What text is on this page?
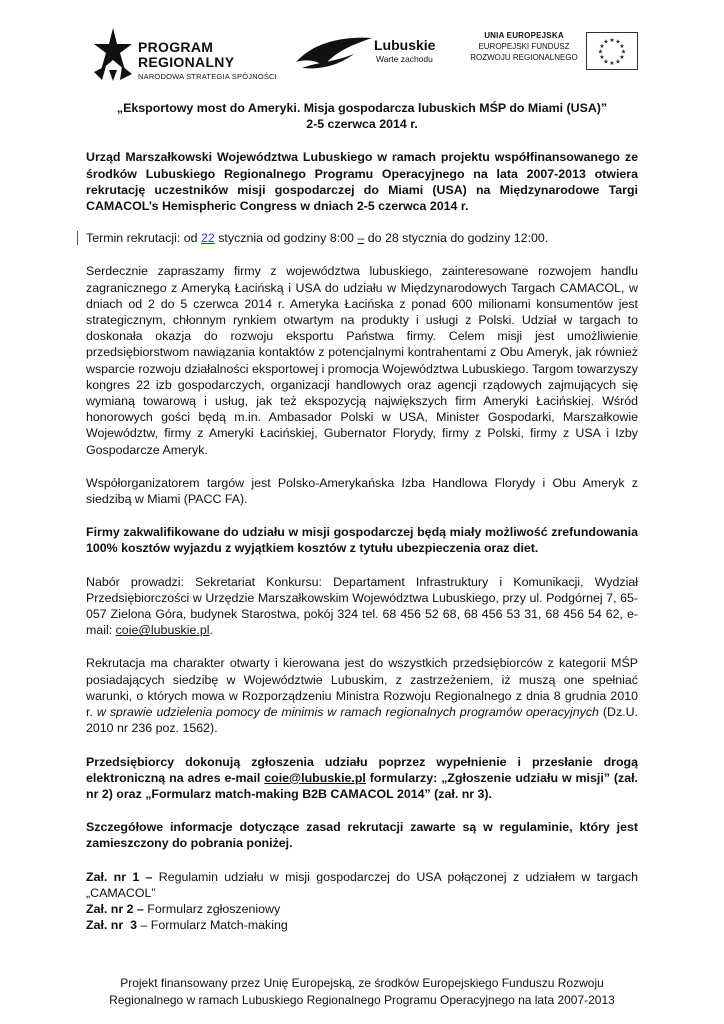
PROGRAM
REGIONALNY
NARODOWA STRATEGIA SPÓJNOŚCI
Lubuskie
Warte zachodu
UNIA EUROPEJSKA
EUROPEJSKI FUNDUSZ
ROZWOJU REGIONALNEGO
★ ★
★
★
★
★
★
★
★
★
★
★

„Eksportowy most do Ameryki. Misja gospodarcza lubuskich MŚP do Miami (USA)”

2-5 czerwca 2014 r.

Urząd Marszałkowski Województwa Lubuskiego w ramach projektu współfinansowanego ze środków Lubuskiego Regionalnego Programu Operacyjnego na lata 2007-2013 otwiera rekrutację uczestników misji gospodarczej do Miami (USA) na Międzynarodowe Targi CAMACOL’s Hemispheric Congress w dniach 2-5 czerwca 2014 r.

Termin rekrutacji: od 22 stycznia od godziny 8:00 – do 28 stycznia do godziny 12:00.

Serdecznie zapraszamy firmy z województwa lubuskiego, zainteresowane rozwojem handlu zagranicznego z Ameryką Łacińską i USA do udziału w Międzynarodowych Targach CAMACOL, w dniach od 2 do 5 czerwca 2014 r. Ameryka Łacińska z ponad 600 milionami konsumentów jest strategicznym, chłonnym rynkiem otwartym na produkty i usługi z Polski. Udział w targach to doskonała okazja do rozwoju eksportu Państwa firmy. Celem misji jest umożliwienie przedsiębiorstwom nawiązania kontaktów z potencjalnymi kontrahentami z Obu Ameryk, jak również wsparcie rozwoju działalności eksportowej i promocja Województwa Lubuskiego. Targom towarzyszy kongres 22 izb gospodarczych, organizacji handlowych oraz agencji rządowych zajmujących się wymianą towarową i usług, jak też ekspozycją największych firm Ameryki Łacińskiej. Wśród honorowych gości będą m.in. Ambasador Polski w USA, Minister Gospodarki, Marszałkowie Województw, firmy z Ameryki Łacińskiej, Gubernator Florydy, firmy z Polski, firmy z USA i Izby Gospodarcze Ameryk.

Współorganizatorem targów jest Polsko-Amerykańska Izba Handlowa Florydy i Obu Ameryk z siedzibą w Miami (PACC FA).

Firmy zakwalifikowane do udziału w misji gospodarczej będą miały możliwość zrefundowania 100% kosztów wyjazdu z wyjątkiem kosztów z tytułu ubezpieczenia oraz diet.

Nabór prowadzi: Sekretariat Konkursu: Departament Infrastruktury i Komunikacji, Wydział Przedsiębiorczości w Urzędzie Marszałkowskim Województwa Lubuskiego, przy ul. Podgórnej 7, 65-057 Zielona Góra, budynek Starostwa, pokój 324 tel. 68 456 52 68, 68 456 53 31, 68 456 54 62, e-mail: coie@lubuskie.pl.

Rekrutacja ma charakter otwarty i kierowana jest do wszystkich przedsiębiorców z kategorii MŚP posiadających siedzibę w Województwie Lubuskim, z zastrzeżeniem, iż muszą one spełniać warunki, o których mowa w Rozporządzeniu Ministra Rozwoju Regionalnego z dnia 8 grudnia 2010 r. w sprawie udzielenia pomocy de minimis w ramach regionalnych programów operacyjnych (Dz.U. 2010 nr 236 poz. 1562).

Przedsiębiorcy dokonują zgłoszenia udziału poprzez wypełnienie i przesłanie drogą elektroniczną na adres e-mail coie@lubuskie.pl formularzy: „Zgłoszenie udziału w misji” (zał. nr 2) oraz „Formularz match-making B2B CAMACOL 2014” (zał. nr 3).

Szczegółowe informacje dotyczące zasad rekrutacji zawarte są w regulaminie, który jest zamieszczony do pobrania poniżej.

Zał. nr 1 – Regulamin udziału w misji gospodarczej do USA połączonej z udziałem w targach „CAMACOL”

Zał. nr 2 – Formularz zgłoszeniowy

Zał. nr  3 – Formularz Match-making

Projekt finansowany przez Unię Europejską, ze środków Europejskiego Funduszu Rozwoju
Regionalnego w ramach Lubuskiego Regionalnego Programu Operacyjnego na lata 2007-2013
